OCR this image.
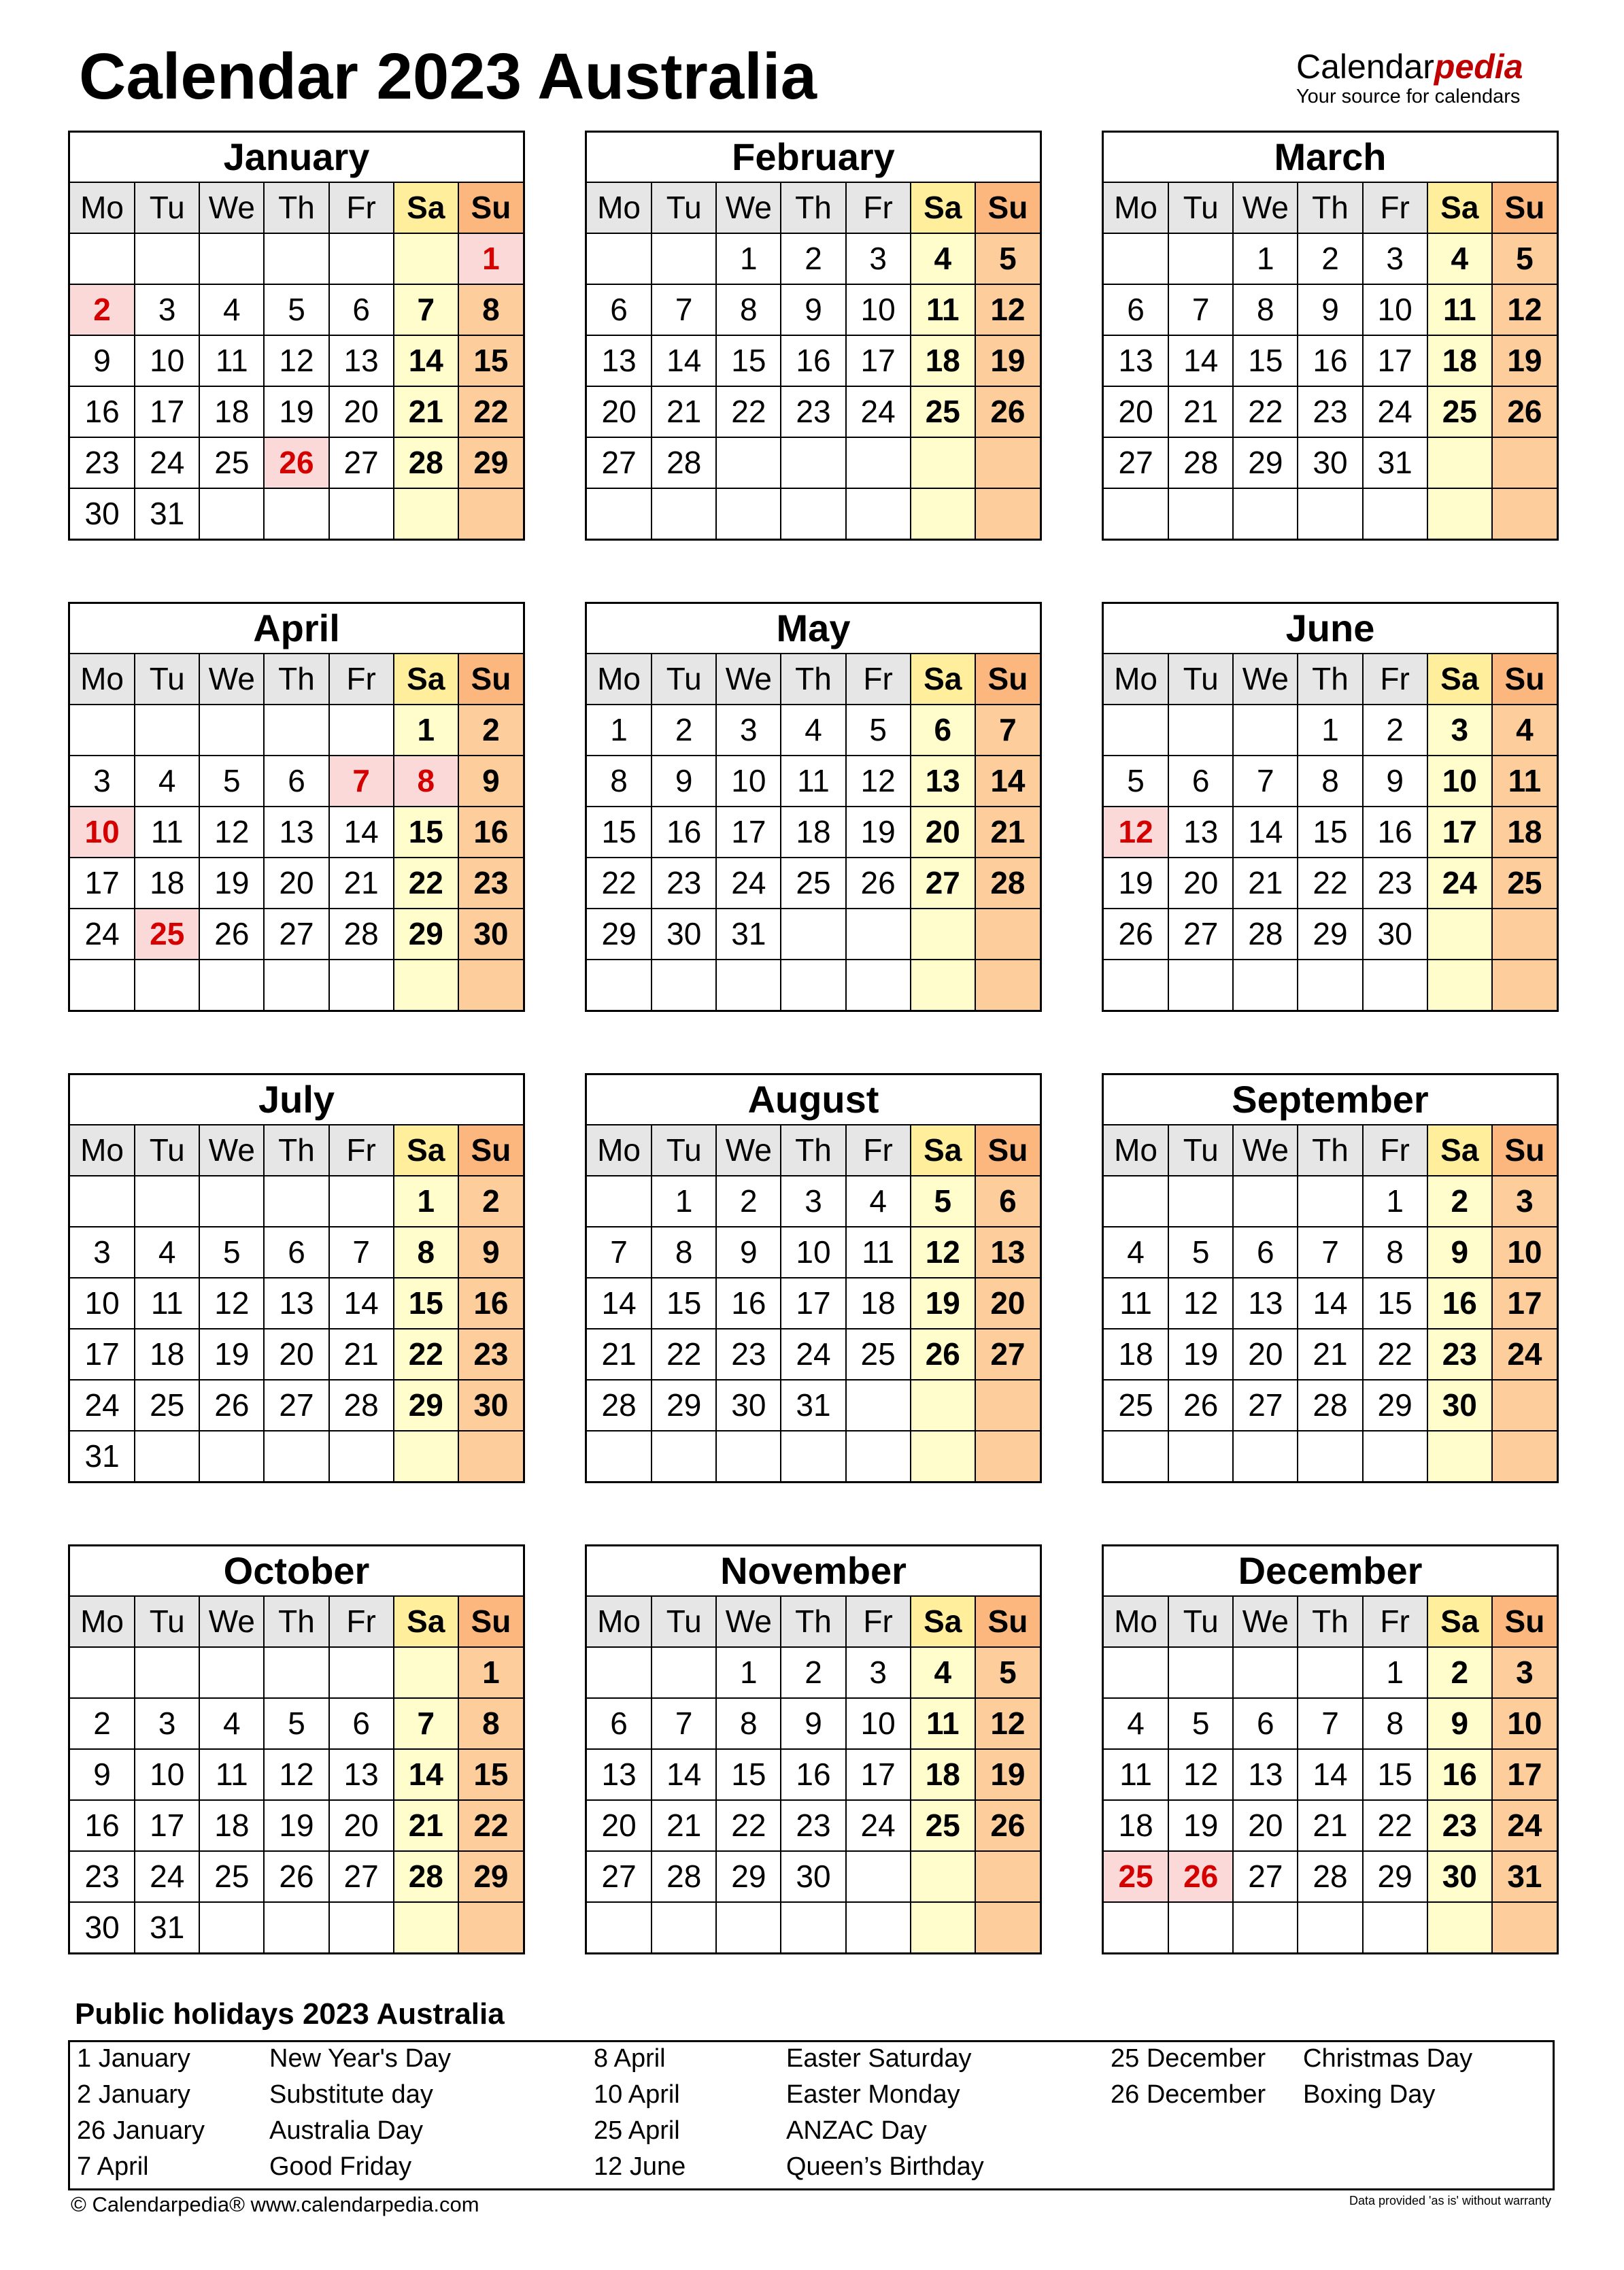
Calendar 2023 Australia	Calendarpedia
Your source for calendars
January
Mo	Tu	We	Th	Fr	Sa	Su
						1
2	3	4	5	6	7	8
9	10	11	12	13	14	15
16	17	18	19	20	21	22
23	24	25	26	27	28	29
30	31					
February
Mo	Tu	We	Th	Fr	Sa	Su
		1	2	3	4	5
6	7	8	9	10	11	12
13	14	15	16	17	18	19
20	21	22	23	24	25	26
27	28					

March
Mo	Tu	We	Th	Fr	Sa	Su
		1	2	3	4	5
6	7	8	9	10	11	12
13	14	15	16	17	18	19
20	21	22	23	24	25	26
27	28	29	30	31		

April
Mo	Tu	We	Th	Fr	Sa	Su
					1	2
3	4	5	6	7	8	9
10	11	12	13	14	15	16
17	18	19	20	21	22	23
24	25	26	27	28	29	30

May
Mo	Tu	We	Th	Fr	Sa	Su
1	2	3	4	5	6	7
8	9	10	11	12	13	14
15	16	17	18	19	20	21
22	23	24	25	26	27	28
29	30	31				

June
Mo	Tu	We	Th	Fr	Sa	Su
			1	2	3	4
5	6	7	8	9	10	11
12	13	14	15	16	17	18
19	20	21	22	23	24	25
26	27	28	29	30		

July
Mo	Tu	We	Th	Fr	Sa	Su
					1	2
3	4	5	6	7	8	9
10	11	12	13	14	15	16
17	18	19	20	21	22	23
24	25	26	27	28	29	30
31						
August
Mo	Tu	We	Th	Fr	Sa	Su
	1	2	3	4	5	6
7	8	9	10	11	12	13
14	15	16	17	18	19	20
21	22	23	24	25	26	27
28	29	30	31			

September
Mo	Tu	We	Th	Fr	Sa	Su
				1	2	3
4	5	6	7	8	9	10
11	12	13	14	15	16	17
18	19	20	21	22	23	24
25	26	27	28	29	30	

October
Mo	Tu	We	Th	Fr	Sa	Su
						1
2	3	4	5	6	7	8
9	10	11	12	13	14	15
16	17	18	19	20	21	22
23	24	25	26	27	28	29
30	31					
November
Mo	Tu	We	Th	Fr	Sa	Su
		1	2	3	4	5
6	7	8	9	10	11	12
13	14	15	16	17	18	19
20	21	22	23	24	25	26
27	28	29	30			

December
Mo	Tu	We	Th	Fr	Sa	Su
				1	2	3
4	5	6	7	8	9	10
11	12	13	14	15	16	17
18	19	20	21	22	23	24
25	26	27	28	29	30	31

Public holidays 2023 Australia
1 January	New Year's Day	8 April	Easter Saturday	25 December Christmas Day
2 January	Substitute day	10 April	Easter Monday	26 December Boxing Day
26 January Australia Day	25 April	ANZAC Day
7 April	Good Friday	12 June	Queen’s Birthday
© Calendarpedia® www.calendarpedia.com	Data provided 'as is' without warranty
